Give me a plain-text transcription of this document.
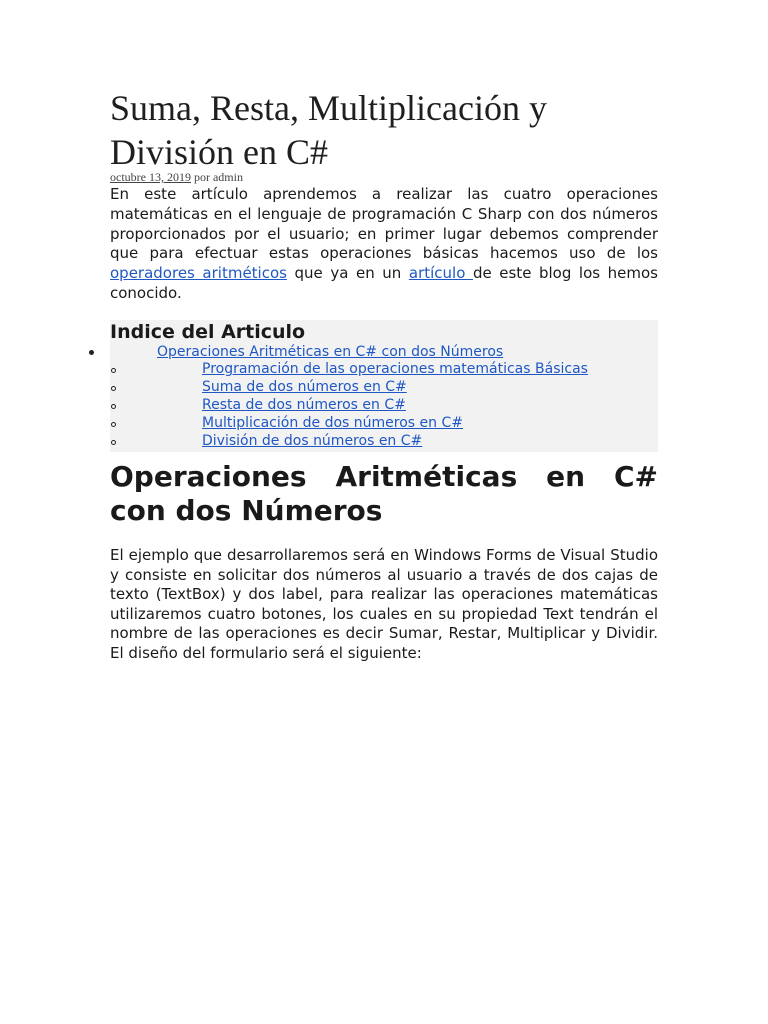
Suma, Resta, Multiplicación y División en C#
octubre 13, 2019 por admin

En este artículo aprendemos a realizar las cuatro operaciones matemáticas en el lenguaje de programación C Sharp con dos números proporcionados por el usuario; en primer lugar debemos comprender que para efectuar estas operaciones básicas hacemos uso de los operadores aritméticos que ya en un artículo de este blog los hemos conocido.

Indice del Articulo
Operaciones Aritméticas en C# con dos Números
Programación de las operaciones matemáticas Básicas
Suma de dos números en C#
Resta de dos números en C#
Multiplicación de dos números en C#
División de dos números en C#
Operaciones Aritméticas en C# con dos Números

El ejemplo que desarrollaremos será en Windows Forms de Visual Studio y consiste en solicitar dos números al usuario a través de dos cajas de texto (TextBox) y dos label, para realizar las operaciones matemáticas utilizaremos cuatro botones, los cuales en su propiedad Text tendrán el nombre de las operaciones es decir Sumar, Restar, Multiplicar y Dividir. El diseño del formulario será el siguiente:
